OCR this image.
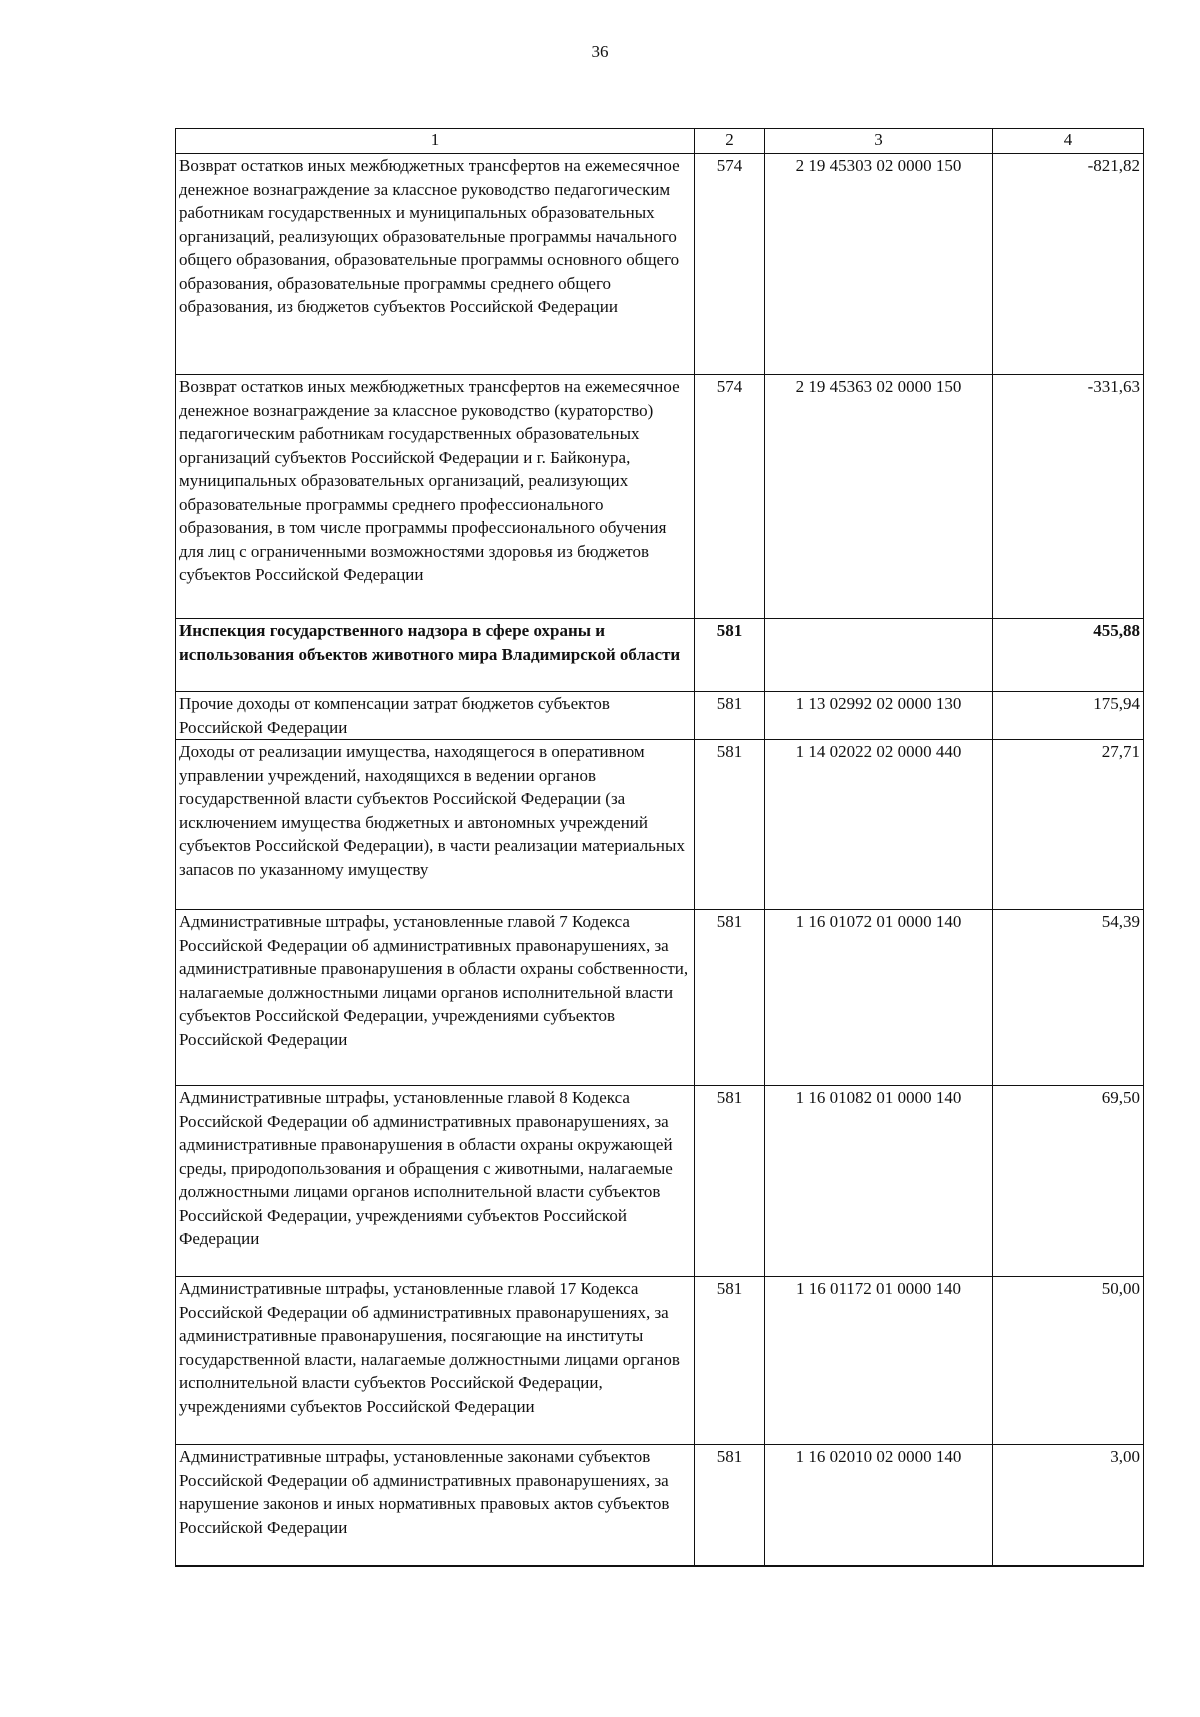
36
1	2	3	4
Возврат остатков иных межбюджетных трансфертов на ежемесячное денежное вознаграждение за классное руководство педагогическим работникам государственных и муниципальных образовательных организаций, реализующих образовательные программы начального общего образования, образовательные программы основного общего образования, образовательные программы среднего общего образования, из бюджетов субъектов Российской Федерации	574	2 19 45303 02 0000 150	-821,82
Возврат остатков иных межбюджетных трансфертов на ежемесячное денежное вознаграждение за классное руководство (кураторство) педагогическим работникам государственных образовательных организаций субъектов Российской Федерации и г. Байконура, муниципальных образовательных организаций, реализующих образовательные программы среднего профессионального образования, в том числе программы профессионального обучения для лиц с ограниченными возможностями здоровья из бюджетов субъектов Российской Федерации	574	2 19 45363 02 0000 150	-331,63
Инспекция государственного надзора в сфере охраны и использования объектов животного мира Владимирской области	581		455,88
Прочие доходы от компенсации затрат бюджетов субъектов Российской Федерации	581	1 13 02992 02 0000 130	175,94
Доходы от реализации имущества, находящегося в оперативном управлении учреждений, находящихся в ведении органов государственной власти субъектов Российской Федерации (за исключением имущества бюджетных и автономных учреждений субъектов Российской Федерации), в части реализации материальных запасов по указанному имуществу	581	1 14 02022 02 0000 440	27,71
Административные штрафы, установленные главой 7 Кодекса Российской Федерации об административных правонарушениях, за административные правонарушения в области охраны собственности, налагаемые должностными лицами органов исполнительной власти субъектов Российской Федерации, учреждениями субъектов Российской Федерации	581	1 16 01072 01 0000 140	54,39
Административные штрафы, установленные главой 8 Кодекса Российской Федерации об административных правонарушениях, за административные правонарушения в области охраны окружающей среды, природопользования и обращения с животными, налагаемые должностными лицами органов исполнительной власти субъектов Российской Федерации, учреждениями субъектов Российской Федерации	581	1 16 01082 01 0000 140	69,50
Административные штрафы, установленные главой 17 Кодекса Российской Федерации об административных правонарушениях, за административные правонарушения, посягающие на институты государственной власти, налагаемые должностными лицами органов исполнительной власти субъектов Российской Федерации, учреждениями субъектов Российской Федерации	581	1 16 01172 01 0000 140	50,00
Административные штрафы, установленные законами субъектов Российской Федерации об административных правонарушениях, за нарушение законов и иных нормативных правовых актов субъектов Российской Федерации	581	1 16 02010 02 0000 140	3,00
